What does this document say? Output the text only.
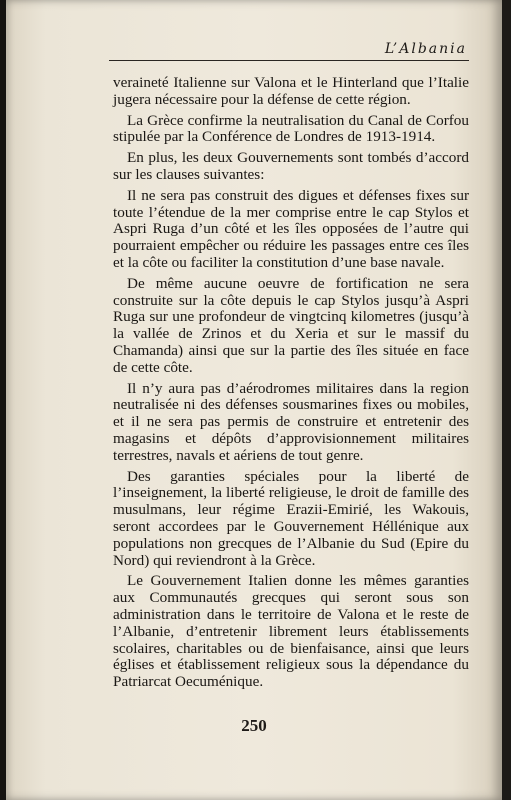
L’Albania

veraineté Italienne sur Valona et le Hinterland que l’Italie jugera nécessaire pour la défense de cette région.

La Grèce confirme la neutralisation du Canal de Corfou stipulée par la Conférence de Londres de 1913-1914.

En plus, les deux Gouvernements sont tombés d’accord sur les clauses suivantes:

Il ne sera pas construit des digues et défenses fixes sur toute l’étendue de la mer comprise entre le cap Stylos et Aspri Ruga d’un côté et les îles opposées de l’autre qui pourraient empêcher ou réduire les passages entre ces îles et la côte ou faciliter la constitution d’une base navale.

De même aucune oeuvre de fortification ne sera construite sur la côte depuis le cap Stylos jusqu’à Aspri Ruga sur une profondeur de vingtcinq kilometres (jusqu’à la vallée de Zrinos et du Xeria et sur le massif du Chamanda) ainsi que sur la partie des îles située en face de cette côte.

Il n’y aura pas d’aérodromes militaires dans la region neutralisée ni des défenses sousmarines fixes ou mobiles, et il ne sera pas permis de construire et entretenir des magasins et dépôts d’approvisionnement militaires terrestres, navals et aériens de tout genre.

Des garanties spéciales pour la liberté de l’inseignement, la liberté religieuse, le droit de famille des musulmans, leur régime Erazii-Emirié, les Wakouis, seront accordees par le Gouvernement Héllénique aux populations non grecques de l’Albanie du Sud (Epire du Nord) qui reviendront à la Grèce.

Le Gouvernement Italien donne les mêmes garanties aux Communautés grecques qui seront sous son administration dans le territoire de Valona et le reste de l’Albanie, d’entretenir librement leurs établissements scolaires, charitables ou de bienfaisance, ainsi que leurs églises et établissement religieux sous la dépendance du Patriarcat Oecuménique.

250
